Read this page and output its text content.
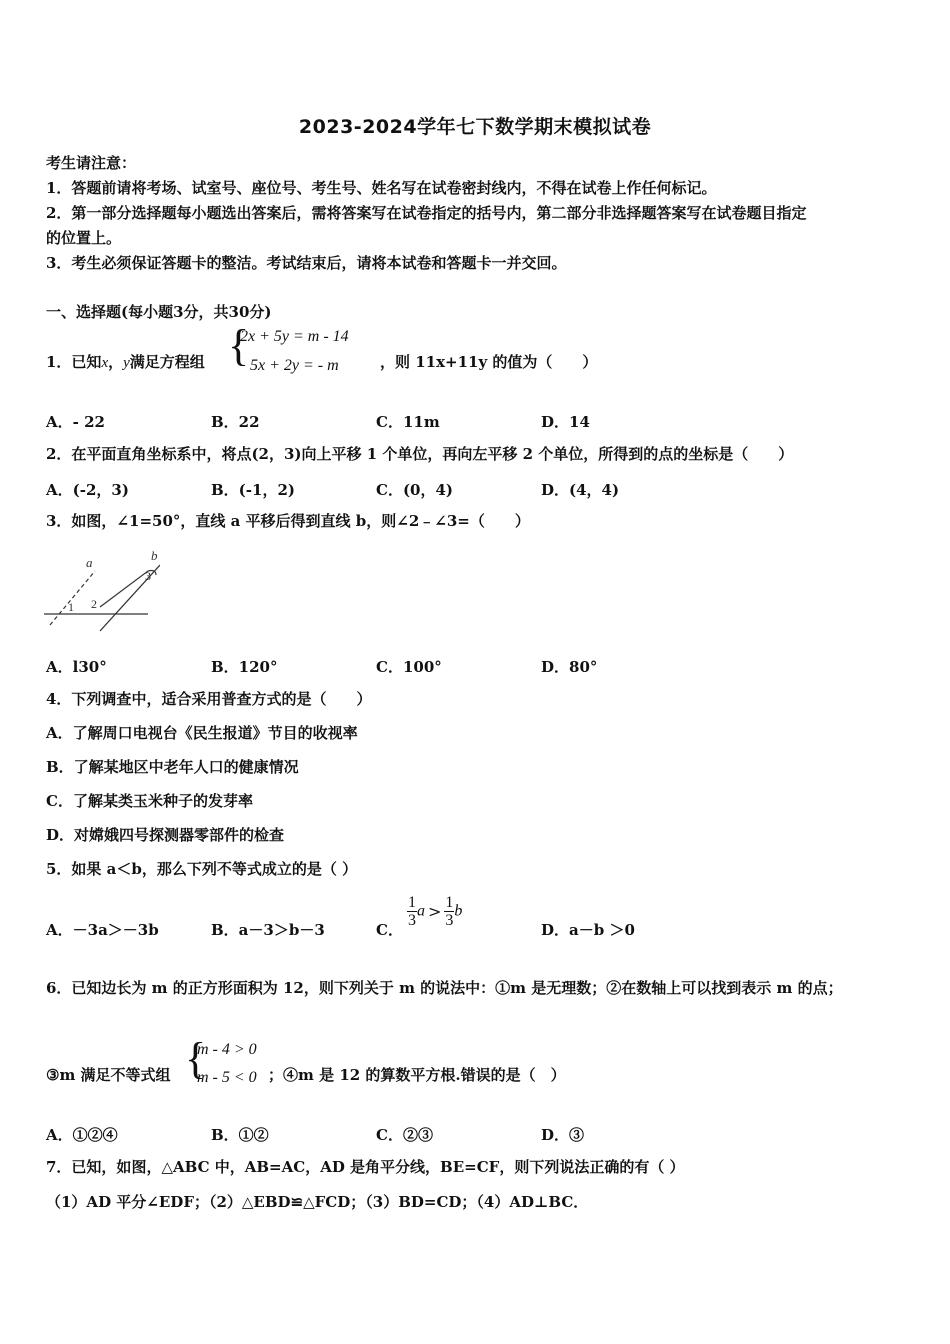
2023-2024学年七下数学期末模拟试卷
考生请注意：
1．答题前请将考场、试室号、座位号、考生号、姓名写在试卷密封线内，不得在试卷上作任何标记。
2．第一部分选择题每小题选出答案后，需将答案写在试卷指定的括号内，第二部分非选择题答案写在试卷题目指定
的位置上。
3．考生必须保证答题卡的整洁。考试结束后，请将本试卷和答题卡一并交回。
一、选择题(每小题3分，共30分)
1．已知x，y满足方程组 {
2x + 5y = m - 14
5x + 2y = - m	，则 11x+11y 的值为（　　）
A．- 22	B．22	C．11m	D．14
2．在平面直角坐标系中，将点(2，3)向上平移 1 个单位，再向左平移 2 个单位，所得到的点的坐标是（　　）
A．(-2，3)	B．(-1，2)	C．(0，4)	D．(4，4)
3．如图，∠1=50°，直线 a 平移后得到直线 b，则∠2﹣∠3=（　　）
a	b
1 2
3
A．l30°	B．120°	C．100°	D．80°
4．下列调查中，适合采用普查方式的是（　　）
A．了解周口电视台《民生报道》节目的收视率
B．了解某地区中老年人口的健康情况
C．了解某类玉米种子的发芽率
D．对嫦娥四号探测器零部件的检查
5．如果 a＜b，那么下列不等式成立的是（ ）
A．－3a＞－3b	B．a－3＞b－3	C．
$\frac{1}{3}$ $a > \frac{1}{3}$ b
D．a－b ＞0
6．已知边长为 m 的正方形面积为 12，则下列关于 m 的说法中：①m 是无理数；②在数轴上可以找到表示 m 的点；
③m 满足不等式组 {
m - 4 > 0
m - 5 < 0 ；④m 是 12 的算数平方根.错误的是（　）
A．①②④	B．①②	C．②③	D．③
7．已知，如图，△ABC 中，AB=AC，AD 是角平分线，BE=CF，则下列说法正确的有（ ）
（1）AD 平分∠EDF；（2）△EBD≌△FCD；（3）BD=CD；（4）AD⊥BC．
